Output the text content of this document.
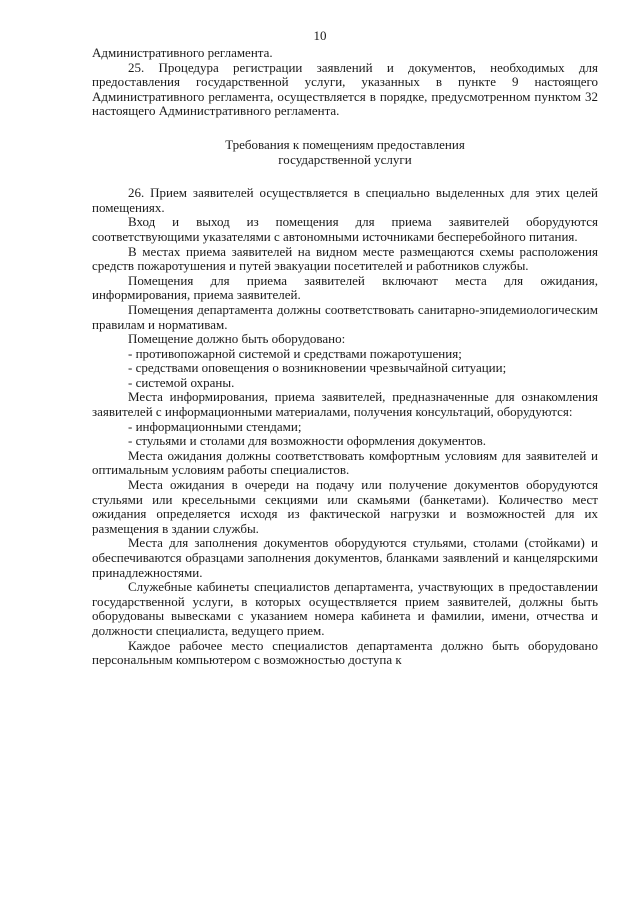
10

Административного регламента.

25. Процедура регистрации заявлений и документов, необходимых для предоставления государственной услуги, указанных в пункте 9 настоящего Административного регламента, осуществляется в порядке, предусмотренном пунктом 32 настоящего Административного регламента.

Требования к помещениям предоставления
государственной услуги

26. Прием заявителей осуществляется в специально выделенных для этих целей помещениях.

Вход и выход из помещения для приема заявителей оборудуются соответствующими указателями с автономными источниками бесперебойного питания.

В местах приема заявителей на видном месте размещаются схемы расположения средств пожаротушения и путей эвакуации посетителей и работников службы.

Помещения для приема заявителей включают места для ожидания, информирования, приема заявителей.

Помещения департамента должны соответствовать санитарно-эпидемиологическим правилам и нормативам.

Помещение должно быть оборудовано:

- противопожарной системой и средствами пожаротушения;

- средствами оповещения о возникновении чрезвычайной ситуации;

- системой охраны.

Места информирования, приема заявителей, предназначенные для ознакомления заявителей с информационными материалами, получения консультаций, оборудуются:

- информационными стендами;

- стульями и столами для возможности оформления документов.

Места ожидания должны соответствовать комфортным условиям для заявителей и оптимальным условиям работы специалистов.

Места ожидания в очереди на подачу или получение документов оборудуются стульями или кресельными секциями или скамьями (банкетами). Количество мест ожидания определяется исходя из фактической нагрузки и возможностей для их размещения в здании службы.

Места для заполнения документов оборудуются стульями, столами (стойками) и обеспечиваются образцами заполнения документов, бланками заявлений и канцелярскими принадлежностями.

Служебные кабинеты специалистов департамента, участвующих в предоставлении государственной услуги, в которых осуществляется прием заявителей, должны быть оборудованы вывесками с указанием номера кабинета и фамилии, имени, отчества и должности специалиста, ведущего прием.

Каждое рабочее место специалистов департамента должно быть оборудовано персональным компьютером с возможностью доступа к
